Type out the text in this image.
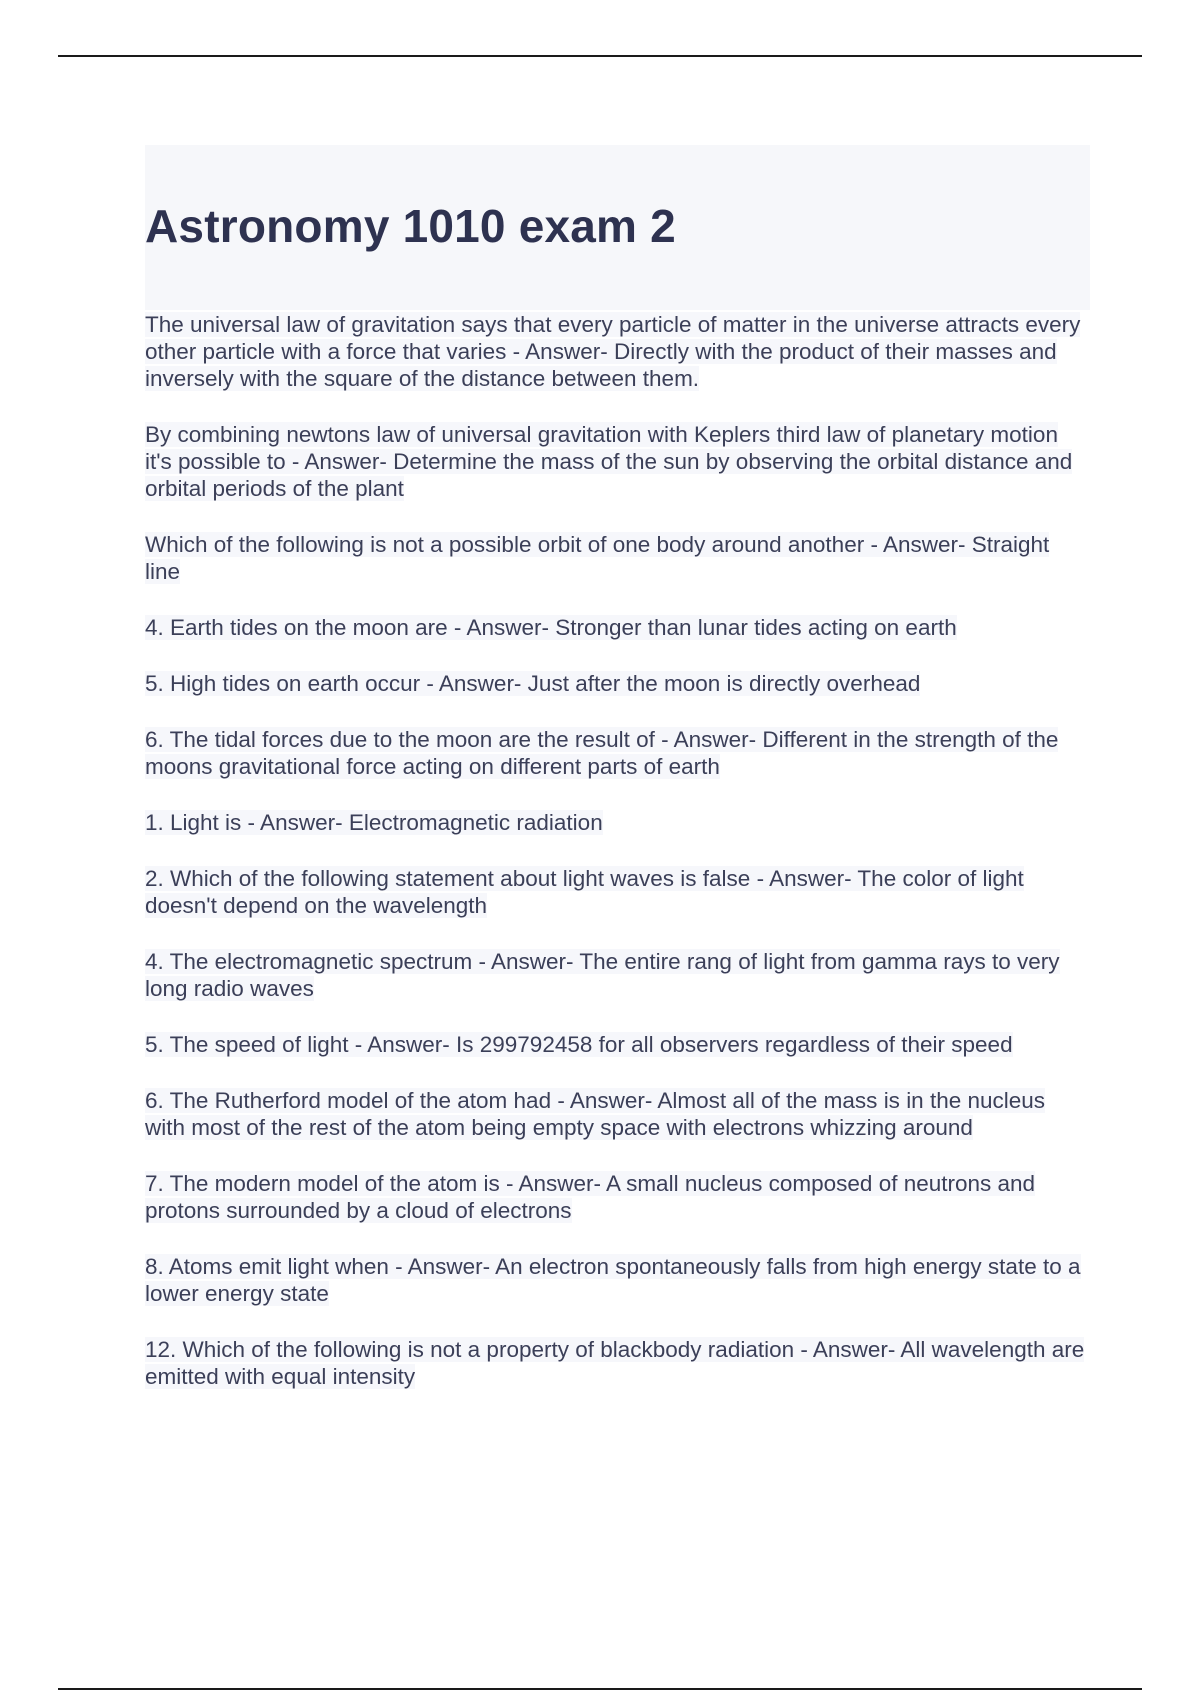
Astronomy 1010 exam 2
The universal law of gravitation says that every particle of matter in the universe attracts every other particle with a force that varies - Answer- Directly with the product of their masses and inversely with the square of the distance between them.
By combining newtons law of universal gravitation with Keplers third law of planetary motion it's possible to - Answer- Determine the mass of the sun by observing the orbital distance and orbital periods of the plant
Which of the following is not a possible orbit of one body around another - Answer- Straight line
4. Earth tides on the moon are - Answer- Stronger than lunar tides acting on earth
5. High tides on earth occur - Answer- Just after the moon is directly overhead
6. The tidal forces due to the moon are the result of - Answer- Different in the strength of the moons gravitational force acting on different parts of earth
1. Light is - Answer- Electromagnetic radiation
2. Which of the following statement about light waves is false - Answer- The color of light doesn't depend on the wavelength
4. The electromagnetic spectrum - Answer- The entire rang of light from gamma rays to very long radio waves
5. The speed of light - Answer- Is 299792458 for all observers regardless of their speed
6. The Rutherford model of the atom had - Answer- Almost all of the mass is in the nucleus with most of the rest of the atom being empty space with electrons whizzing around
7. The modern model of the atom is - Answer- A small nucleus composed of neutrons and protons surrounded by a cloud of electrons
8. Atoms emit light when - Answer- An electron spontaneously falls from high energy state to a lower energy state
12. Which of the following is not a property of blackbody radiation - Answer- All wavelength are emitted with equal intensity
